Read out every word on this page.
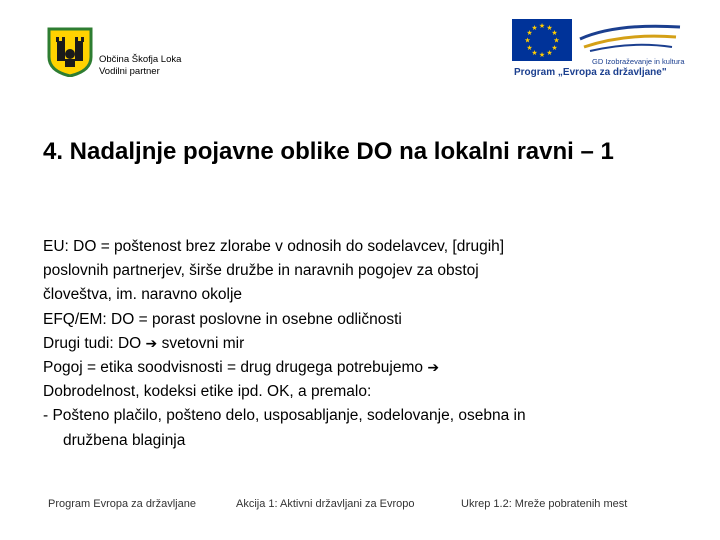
Občina Škofja Loka
Vodilni partner
★ ★
★
★
★
★
★
★
★
★
★
★
GD Izobraževanje in kultura
Program „Evropa za državljane"
4. Nadaljnje pojavne oblike DO na lokalni ravni – 1
EU: DO = poštenost brez zlorabe v odnosih do sodelavcev, [drugih]
poslovnih partnerjev, širše družbe in naravnih pogojev za obstoj
človeštva, im. naravno okolje
EFQ/EM: DO = porast poslovne in osebne odličnosti
Drugi tudi: DO ➔ svetovni mir
Pogoj = etika soodvisnosti = drug drugega potrebujemo ➔
Dobrodelnost, kodeksi etike ipd. OK, a premalo:
- Pošteno plačilo, pošteno delo, usposabljanje, sodelovanje, osebna in
družbena blaginja
Program Evropa za državljane	Akcija 1: Aktivni državljani za Evropo	Ukrep 1.2: Mreže pobratenih mest
